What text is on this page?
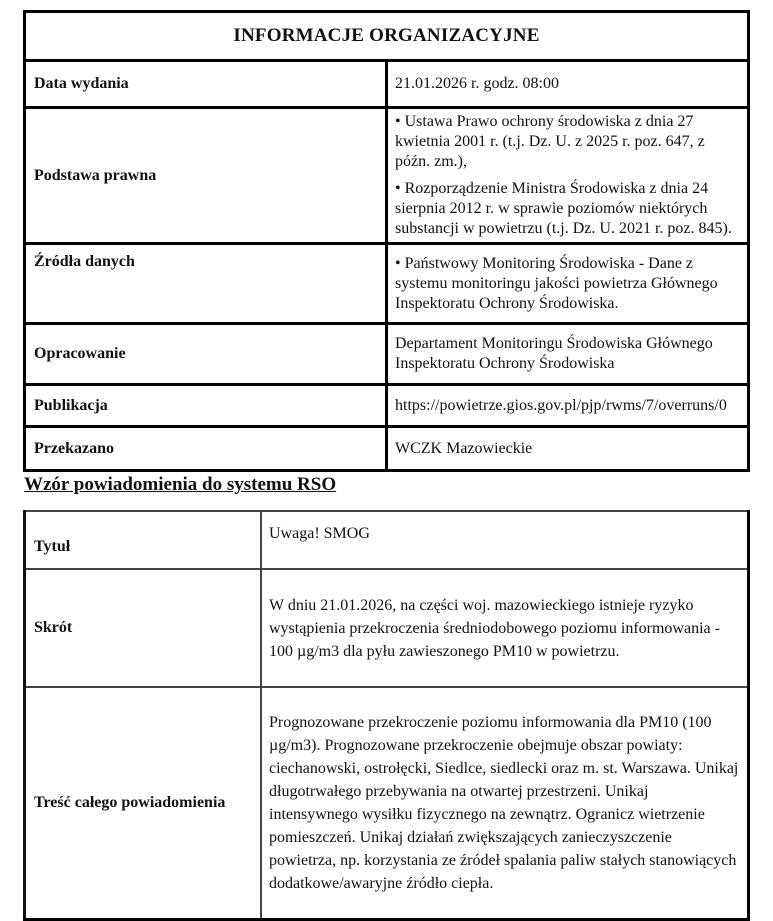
INFORMACJE ORGANIZACYJNE	
Data wydania	21.01.2026 r. godz. 08:00
Podstawa prawna	• Ustawa Prawo ochrony środowiska z dnia 27 kwietnia 2001 r. (t.j. Dz. U. z 2025 r. poz. 647, z późn. zm.),

• Rozporządzenie Ministra Środowiska z dnia 24 sierpnia 2012 r. w sprawie poziomów niektórych substancji w powietrzu (t.j. Dz. U. 2021 r. poz. 845).

Źródła danych	• Państwowy Monitoring Środowiska - Dane z systemu monitoringu jakości powietrza Głównego Inspektoratu Ochrony Środowiska.
Opracowanie	Departament Monitoringu Środowiska Głównego Inspektoratu Ochrony Środowiska
Publikacja	https://powietrze.gios.gov.pl/pjp/rwms/7/overruns/0
Przekazano	WCZK Mazowieckie
Wzór powiadomienia do systemu RSO
Tytuł	Uwaga! SMOG
Skrót	W dniu 21.01.2026, na części woj. mazowieckiego istnieje ryzyko wystąpienia przekroczenia średniodobowego poziomu informowania - 100 µg/m3 dla pyłu zawieszonego PM10 w powietrzu.
Treść całego powiadomienia	Prognozowane przekroczenie poziomu informowania dla PM10 (100 µg/m3). Prognozowane przekroczenie obejmuje obszar powiaty: ciechanowski, ostrołęcki, Siedlce, siedlecki oraz m. st. Warszawa. Unikaj długotrwałego przebywania na otwartej przestrzeni. Unikaj intensywnego wysiłku fizycznego na zewnątrz. Ogranicz wietrzenie pomieszczeń. Unikaj działań zwiększających zanieczyszczenie powietrza, np. korzystania ze źródeł spalania paliw stałych stanowiących dodatkowe/awaryjne źródło ciepła.
